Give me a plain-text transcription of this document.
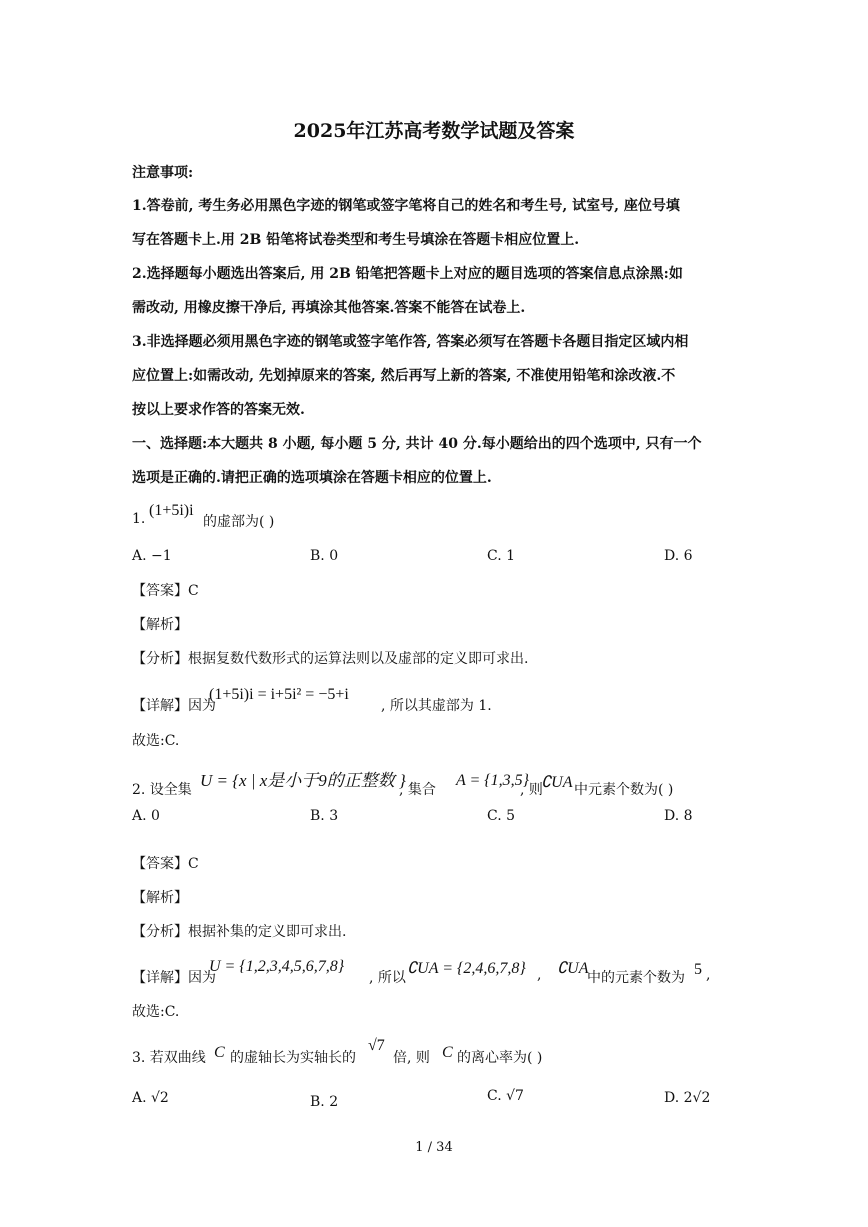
2025年江苏高考数学试题及答案
注意事项:
1.答卷前, 考生务必用黑色字迹的钢笔或签字笔将自己的姓名和考生号, 试室号, 座位号填
写在答题卡上.用 2B 铅笔将试卷类型和考生号填涂在答题卡相应位置上.
2.选择题每小题选出答案后, 用 2B 铅笔把答题卡上对应的题目选项的答案信息点涂黑:如
需改动, 用橡皮擦干净后, 再填涂其他答案.答案不能答在试卷上.
3.非选择题必须用黑色字迹的钢笔或签字笔作答, 答案必须写在答题卡各题目指定区域内相
应位置上:如需改动, 先划掉原来的答案, 然后再写上新的答案, 不准使用铅笔和涂改液.不
按以上要求作答的答案无效.
一、选择题:本大题共 8 小题, 每小题 5 分, 共计 40 分.每小题给出的四个选项中, 只有一个
选项是正确的.请把正确的选项填涂在答题卡相应的位置上.
1. (1+5i)i
的虚部为( )
A. −1	B. 0	C. 1	D. 6
【答案】C
【解析】
【分析】根据复数代数形式的运算法则以及虚部的定义即可求出.
【详解】因为
(1+5i)i = i+5i² = −5+i
, 所以其虚部为 1.
故选:C.
2. 设全集 U = {x | x是小于9的正整数 }
, 集合
A = {1,3,5}
, 则
∁UA 中元素个数为( )
A. 0	B. 3	C. 5	D. 8
【答案】C
【解析】
【分析】根据补集的定义即可求出.
【详解】因为
U = {1,2,3,4,5,6,7,8}
, 所以
∁UA = {2,4,6,7,8} , ∁UA
中的元素个数为 5 ,
故选:C.
3. 若双曲线 C 的虚轴长为实轴长的
√7
倍, 则 C 的离心率为( )
A. √2	B. 2	C. √7	D. 2√2
1 / 34
